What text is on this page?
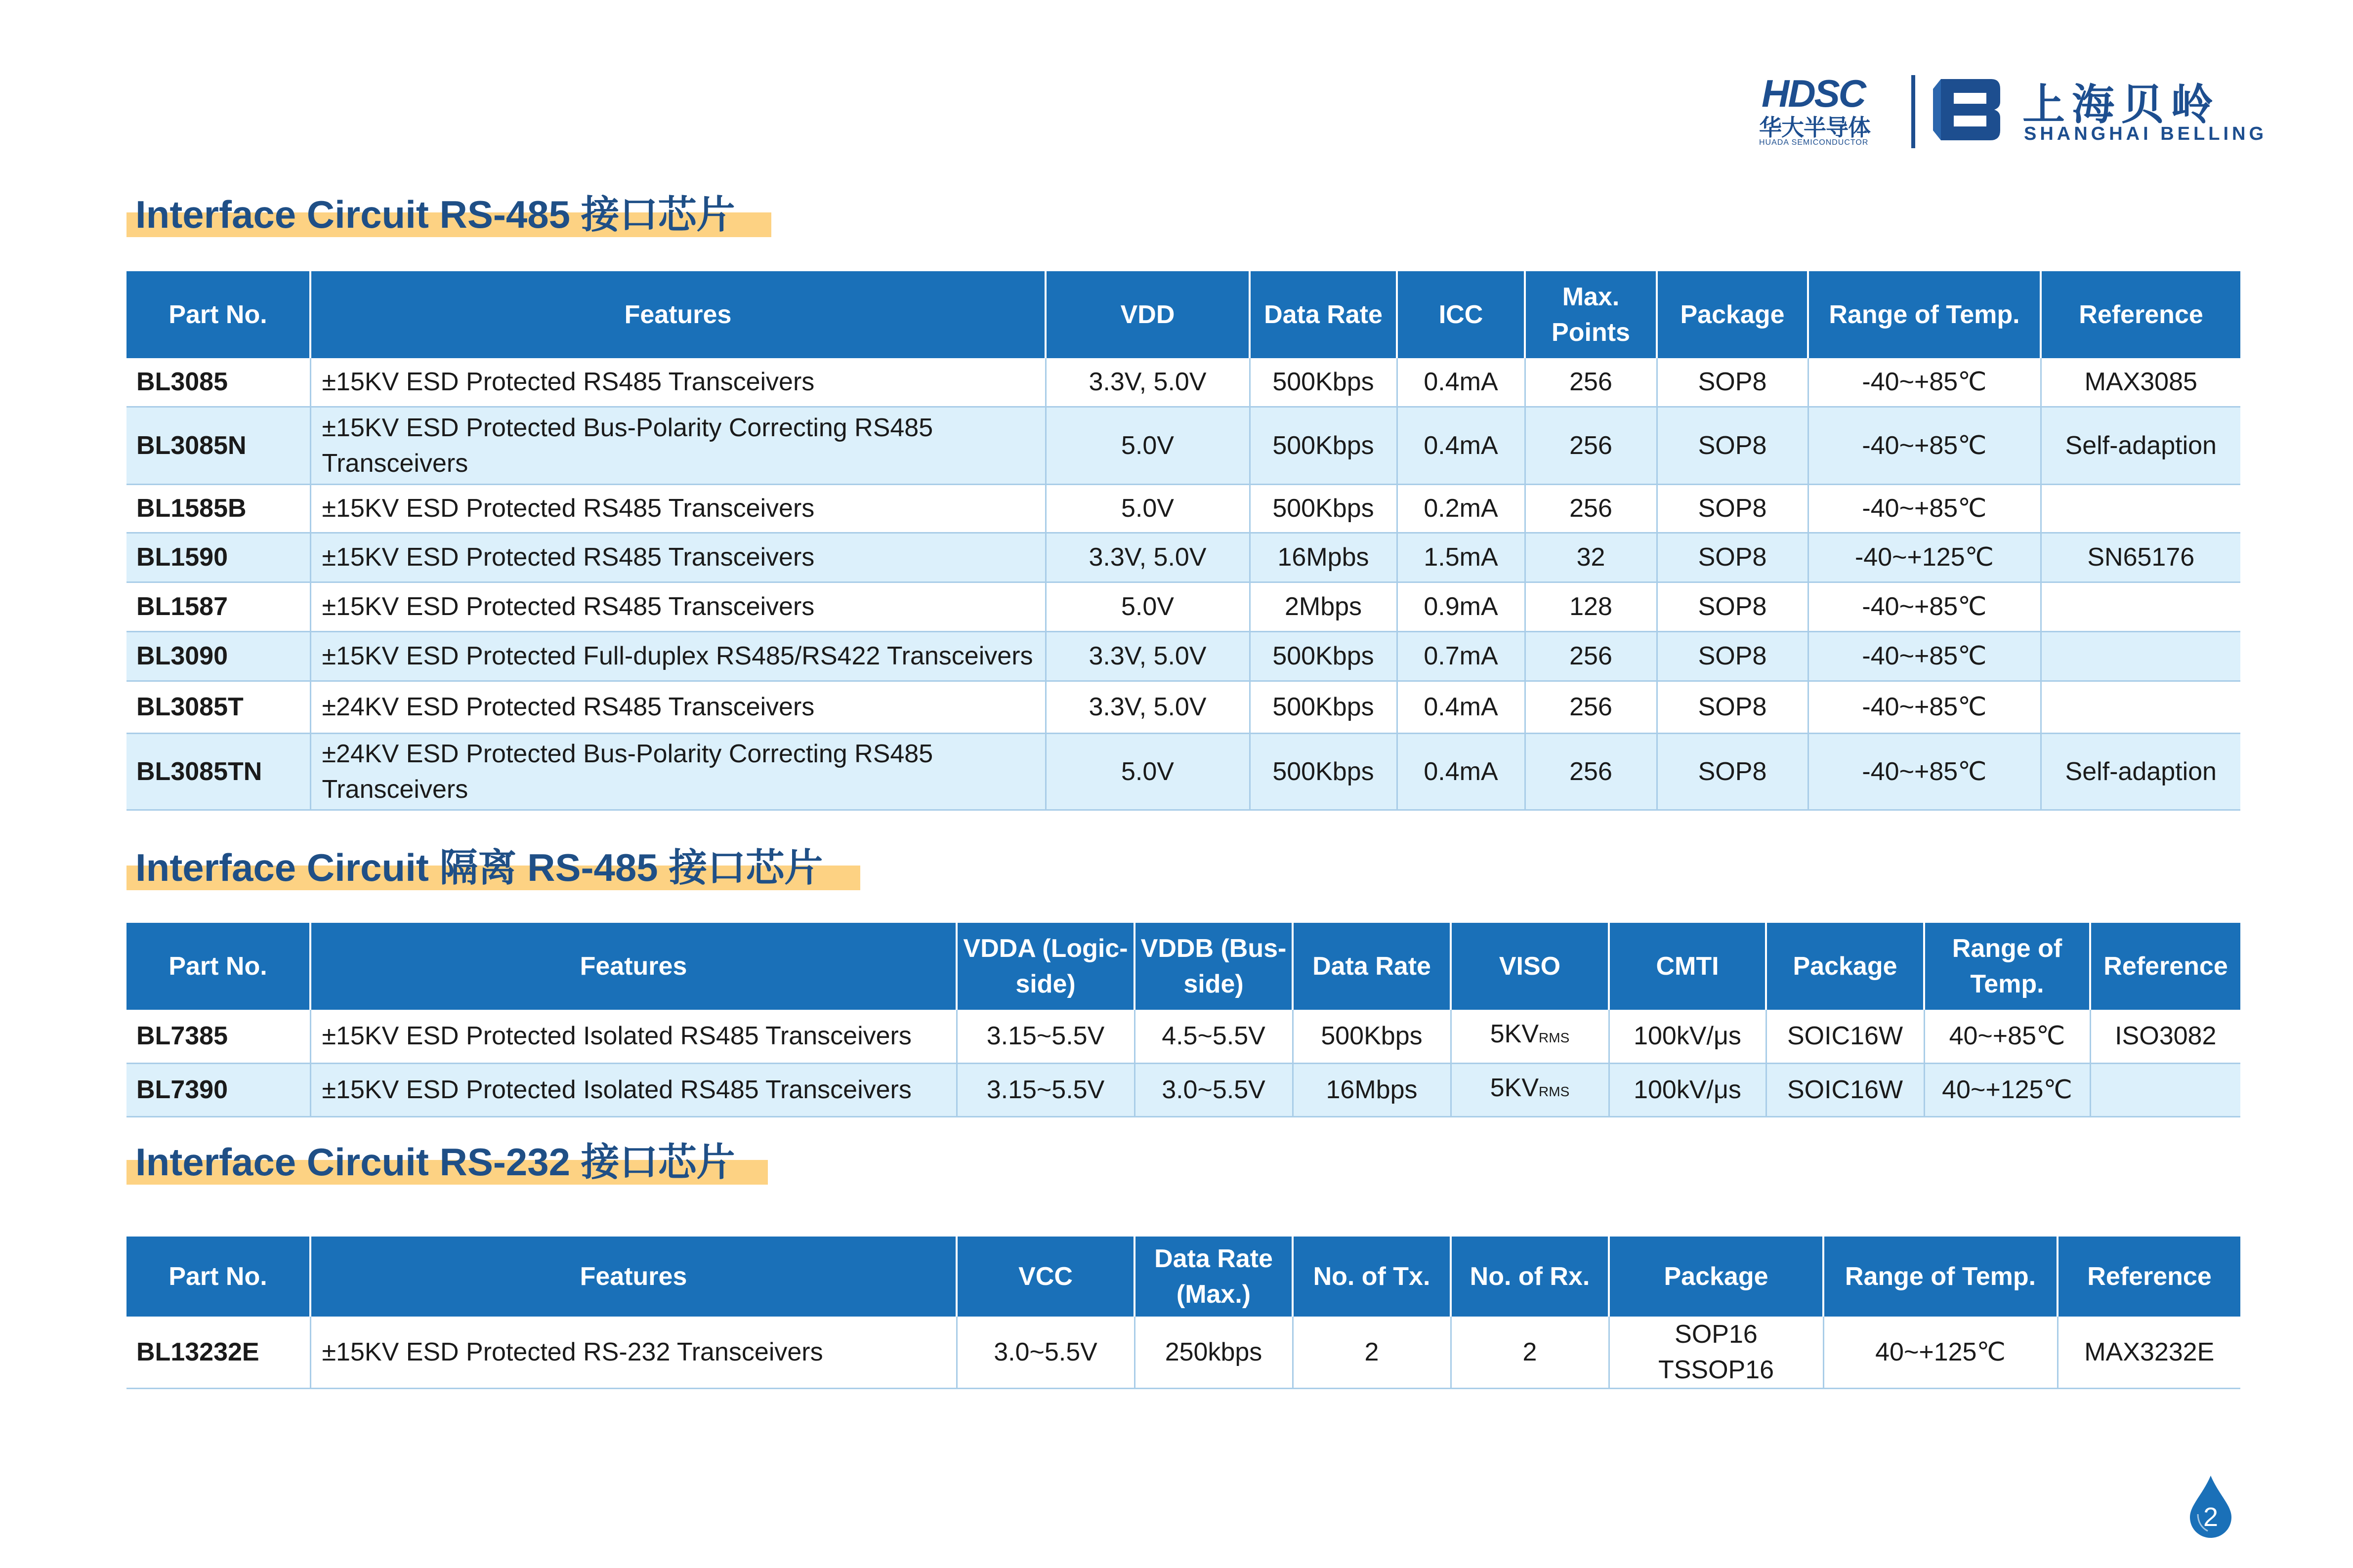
HDSC
华大半导体
HUADA SEMICONDUCTOR
上海贝岭
SHANGHAI BELLING
Interface Circuit RS-485 接口芯片
Part No.	Features	VDD	Data Rate	ICC	Max. Points	Package	Range of Temp.	Reference
BL3085	±15KV ESD Protected RS485 Transceivers	3.3V, 5.0V	500Kbps	0.4mA	256	SOP8	-40~+85℃	MAX3085
BL3085N	±15KV ESD Protected Bus-Polarity Correcting RS485 Transceivers	5.0V	500Kbps	0.4mA	256	SOP8	-40~+85℃	Self-adaption
BL1585B	±15KV ESD Protected RS485 Transceivers	5.0V	500Kbps	0.2mA	256	SOP8	-40~+85℃	
BL1590	±15KV ESD Protected RS485 Transceivers	3.3V, 5.0V	16Mpbs	1.5mA	32	SOP8	-40~+125℃	SN65176
BL1587	±15KV ESD Protected RS485 Transceivers	5.0V	2Mbps	0.9mA	128	SOP8	-40~+85℃	
BL3090	±15KV ESD Protected Full-duplex RS485/RS422 Transceivers	3.3V, 5.0V	500Kbps	0.7mA	256	SOP8	-40~+85℃	
BL3085T	±24KV ESD Protected RS485 Transceivers	3.3V, 5.0V	500Kbps	0.4mA	256	SOP8	-40~+85℃	
BL3085TN	±24KV ESD Protected Bus-Polarity Correcting RS485 Transceivers	5.0V	500Kbps	0.4mA	256	SOP8	-40~+85℃	Self-adaption
Interface Circuit 隔离 RS-485 接口芯片
Part No.	Features	VDDA (Logic-side)	VDDB (Bus-side)	Data Rate	VISO	CMTI	Package	Range of Temp.	Reference
BL7385	±15KV ESD Protected Isolated RS485 Transceivers	3.15~5.5V	4.5~5.5V	500Kbps	5KVRMS	100kV/μs	SOIC16W	40~+85℃	ISO3082
BL7390	±15KV ESD Protected Isolated RS485 Transceivers	3.15~5.5V	3.0~5.5V	16Mbps	5KVRMS	100kV/μs	SOIC16W	40~+125℃	
Interface Circuit RS-232 接口芯片
Part No.	Features	VCC	Data Rate (Max.)	No. of Tx.	No. of Rx.	Package	Range of Temp.	Reference
BL13232E	±15KV ESD Protected RS-232 Transceivers	3.0~5.5V	250kbps	2	2	SOP16 TSSOP16	40~+125℃	MAX3232E
2
